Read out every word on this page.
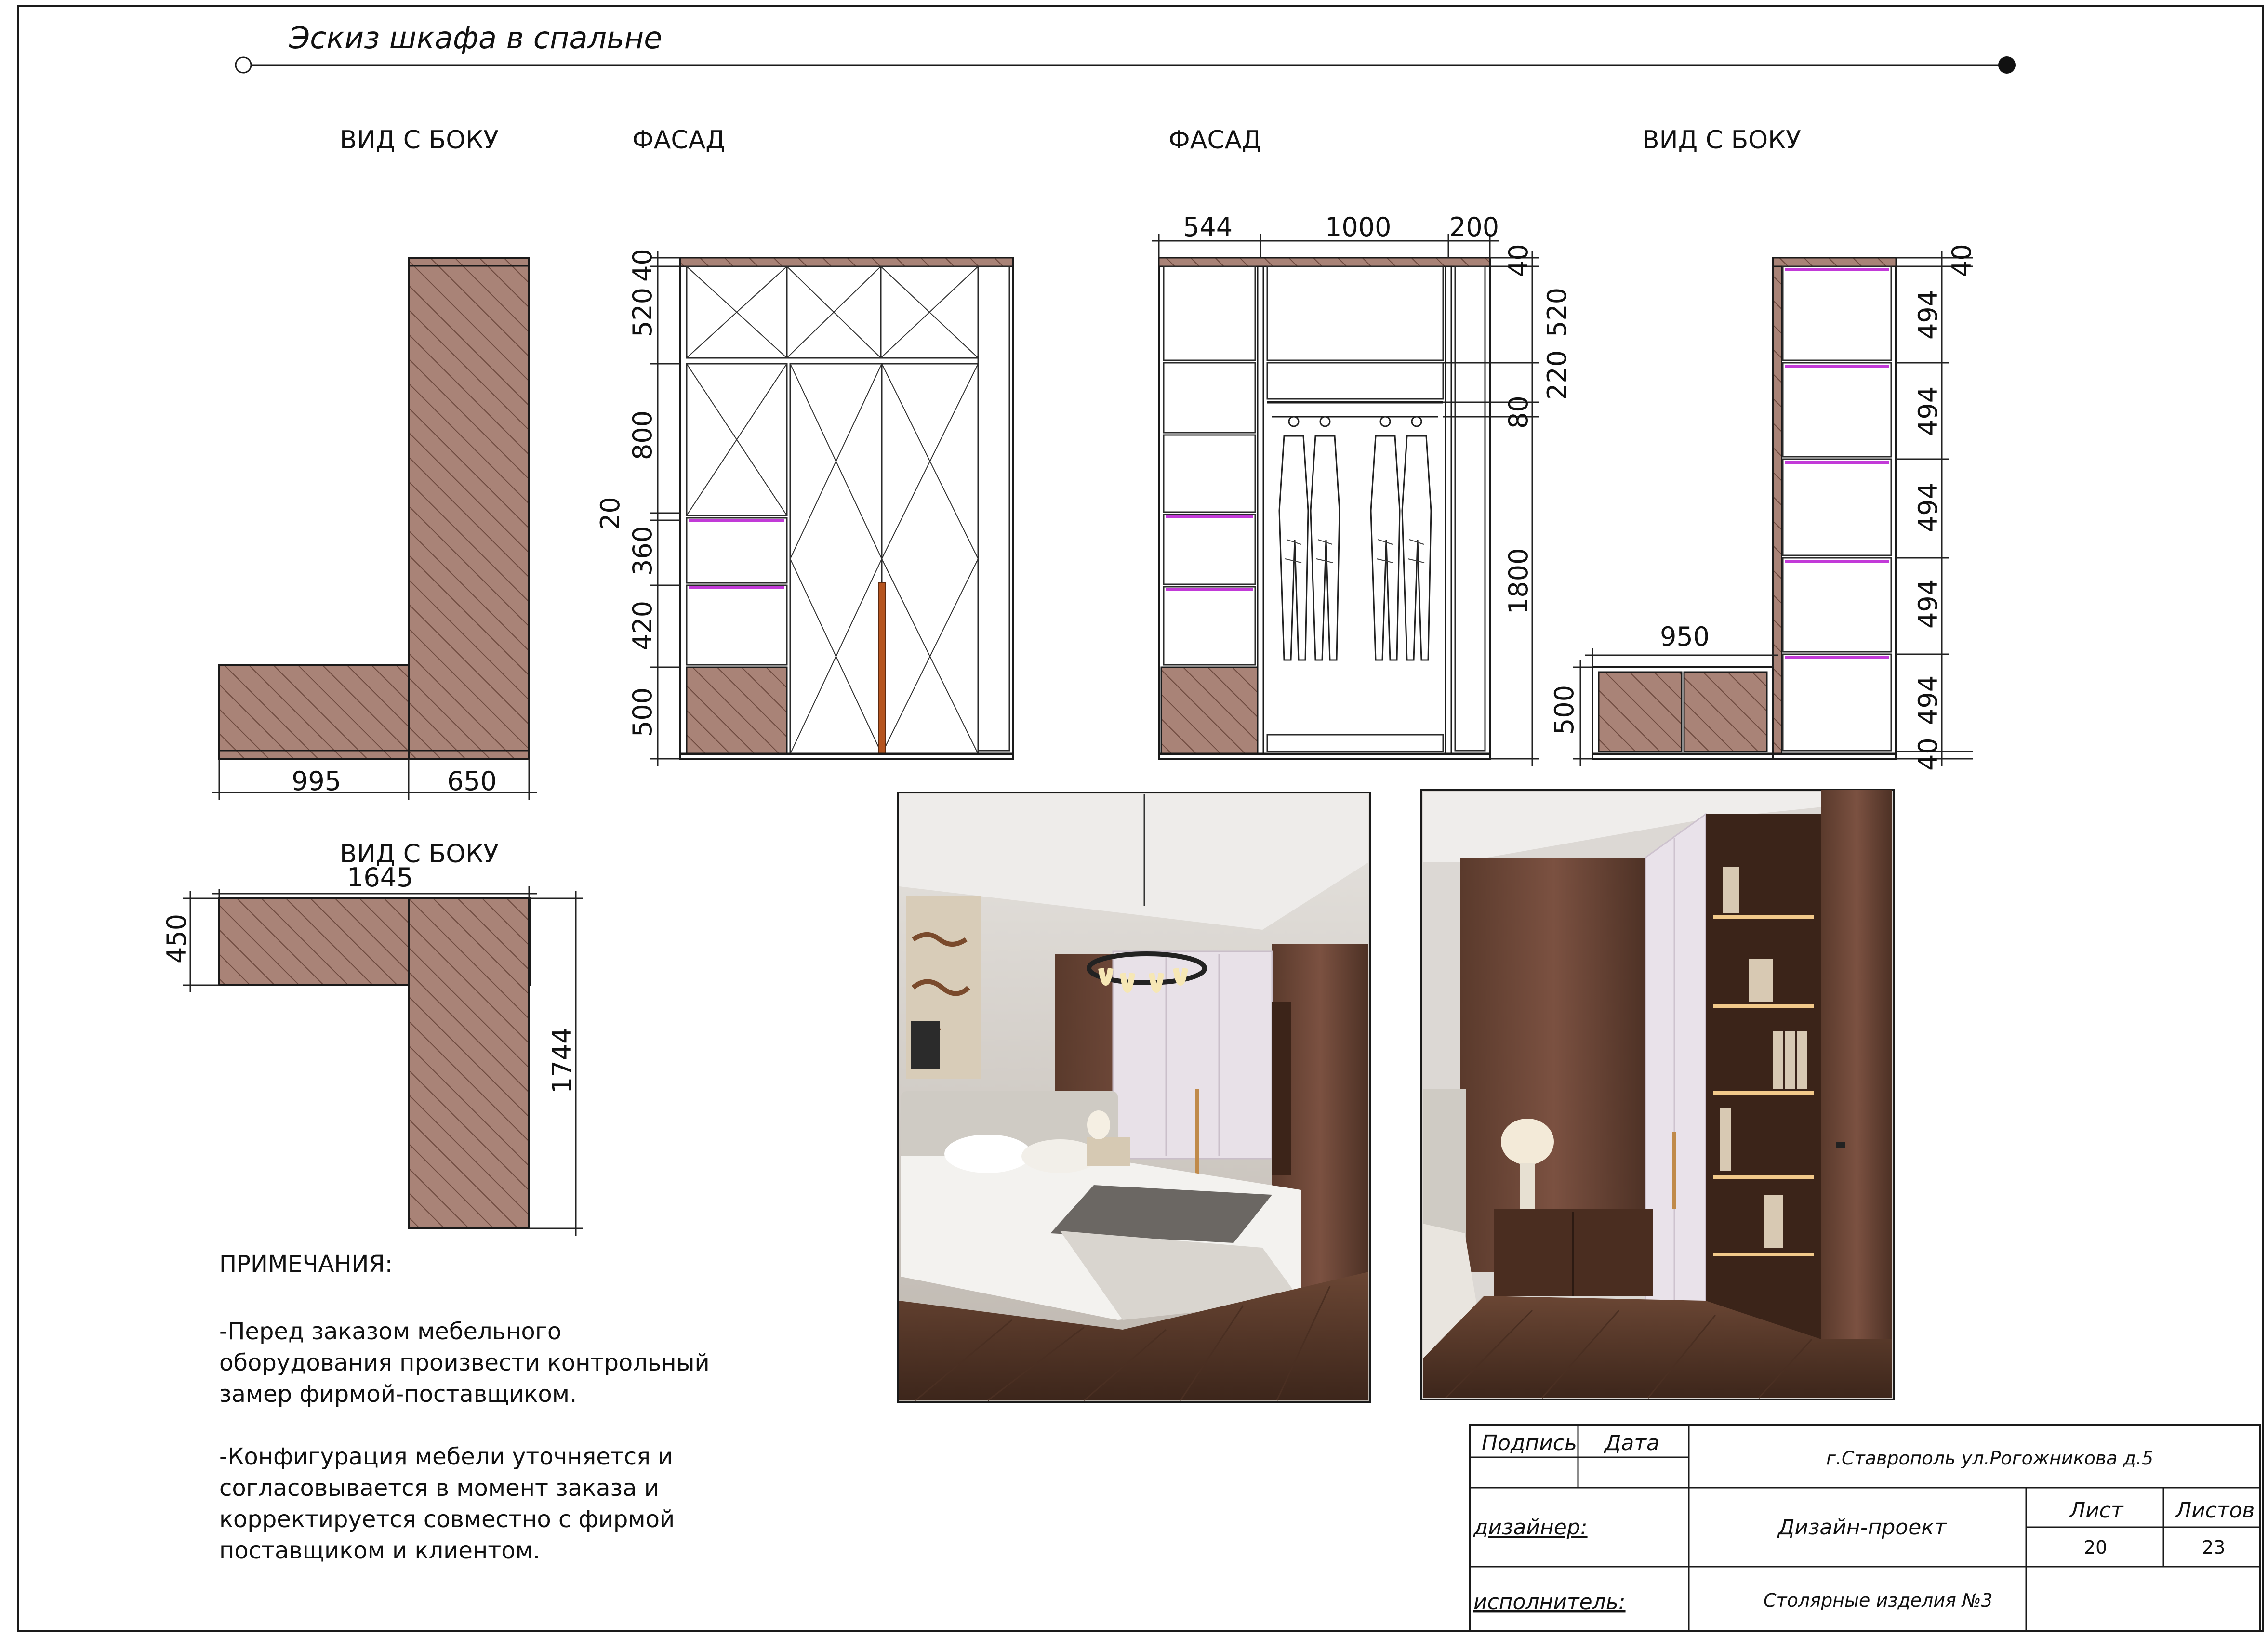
Эскиз шкафа в спальне
ВИД С БОКУ	ФАСАД	ФАСАД	ВИД С БОКУ
995	650
40
520
800
20
360
420
500
544	1000 200
40
520
220
80
1800
950
500
40
494
494
494
494
494
40
ВИД С БОКУ
1645
450
1744
ПРИМЕЧАНИЯ:
-Перед заказом мебельного
оборудования произвести контрольный
замер фирмой-поставщиком.
-Конфигурация мебели уточняется и
согласовывается в момент заказа и
корректируется совместно с фирмой
поставщиком и клиентом.
Подпись Дата
г.Ставрополь ул.Рогожникова д.5
дизайнер:	Дизайн-проект
Лист Листов
20	23
исполнитель:	Столярные изделия №3
